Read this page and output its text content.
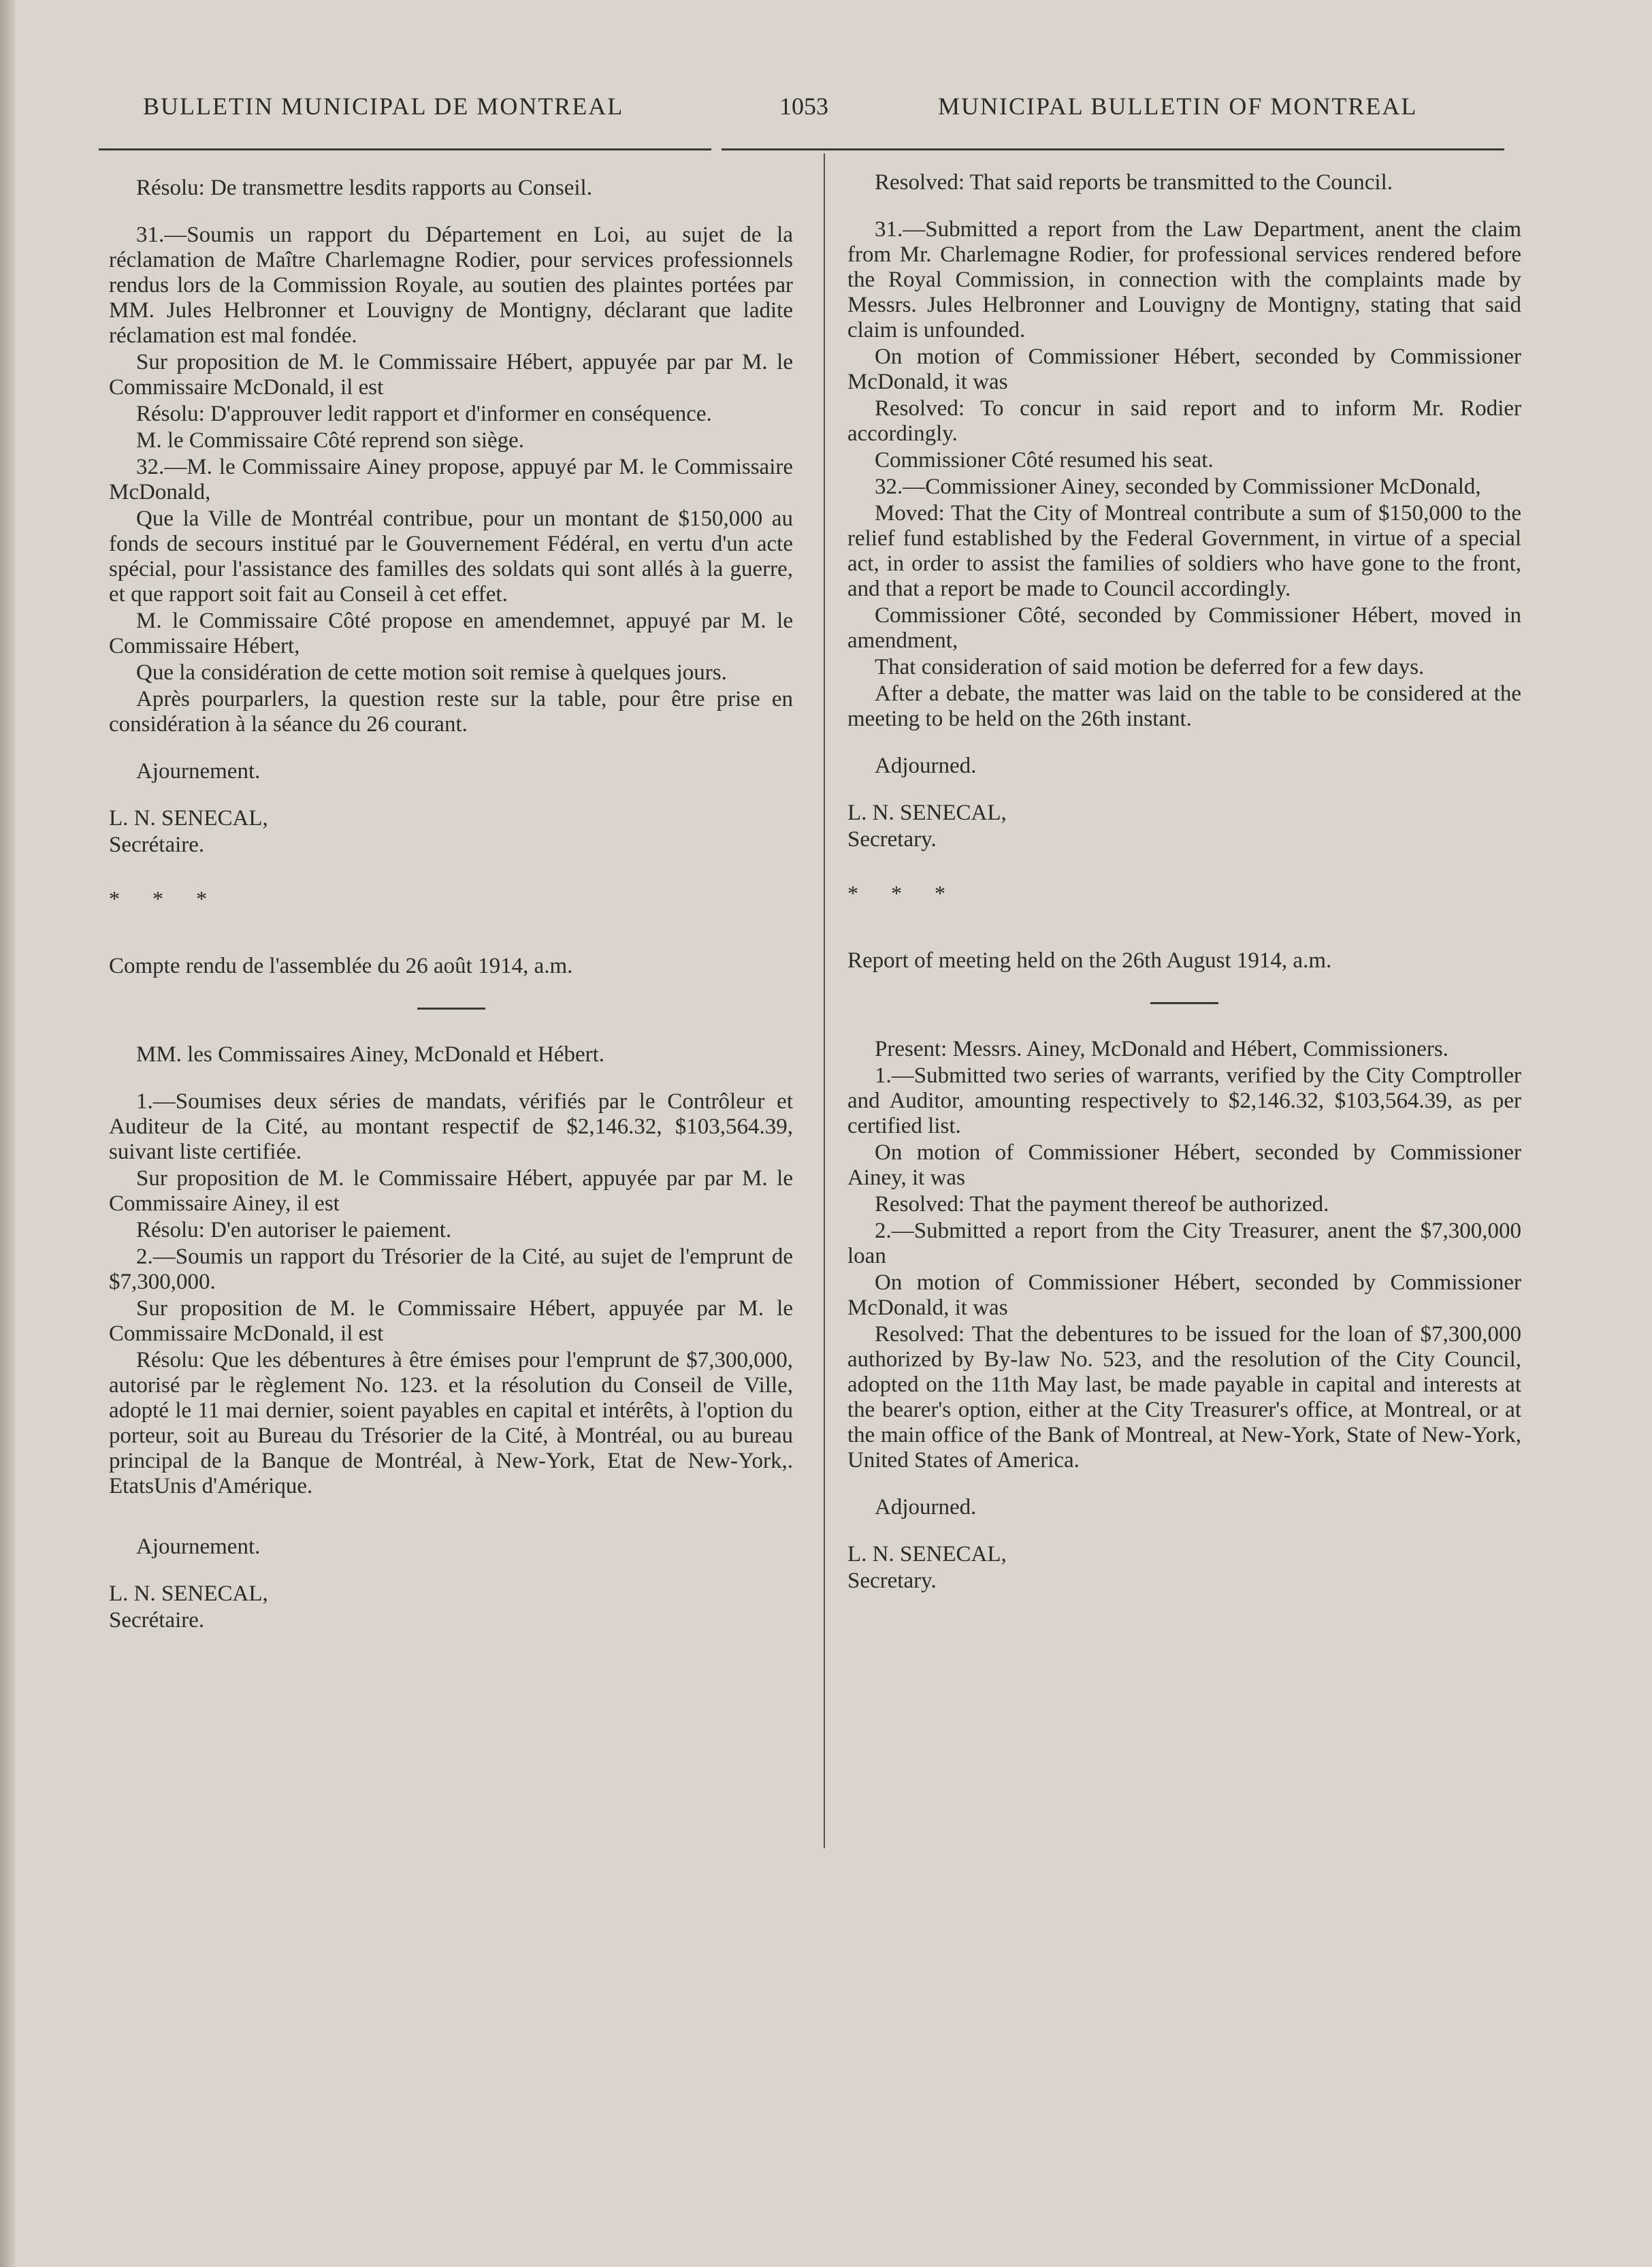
BULLETIN MUNICIPAL DE MONTREAL	1053	MUNICIPAL BULLETIN OF MONTREAL

Résolu: De transmettre lesdits rapports au Conseil.

31.—Soumis un rapport du Département en Loi, au sujet de la réclamation de Maître Charlemagne Rodier, pour services professionnels rendus lors de la Commission Royale, au soutien des plaintes portées par MM. Jules Helbronner et Louvigny de Montigny, déclarant que ladite réclamation est mal fondée.

Sur proposition de M. le Commissaire Hébert, appuyée par par M. le Commissaire McDonald, il est

Résolu: D'approuver ledit rapport et d'informer en conséquence.

M. le Commissaire Côté reprend son siège.

32.—M. le Commissaire Ainey propose, appuyé par M. le Commissaire McDonald,

Que la Ville de Montréal contribue, pour un montant de $150,000 au fonds de secours institué par le Gouvernement Fédéral, en vertu d'un acte spécial, pour l'assistance des familles des soldats qui sont allés à la guerre, et que rapport soit fait au Conseil à cet effet.

M. le Commissaire Côté propose en amendemnet, appuyé par M. le Commissaire Hébert,

Que la considération de cette motion soit remise à quelques jours.

Après pourparlers, la question reste sur la table, pour être prise en considération à la séance du 26 courant.

Ajournement.

L. N. SENECAL,

Secrétaire.

* * *

Compte rendu de l'assemblée du 26 août 1914, a.m.

MM. les Commissaires Ainey, McDonald et Hébert.

1.—Soumises deux séries de mandats, vérifiés par le Contrôleur et Auditeur de la Cité, au montant respectif de $2,146.32, $103,564.39, suivant liste certifiée.

Sur proposition de M. le Commissaire Hébert, appuyée par par M. le Commissaire Ainey, il est

Résolu: D'en autoriser le paiement.

2.—Soumis un rapport du Trésorier de la Cité, au sujet de l'emprunt de $7,300,000.

Sur proposition de M. le Commissaire Hébert, appuyée par M. le Commissaire McDonald, il est

Résolu: Que les débentures à être émises pour l'emprunt de $7,300,000, autorisé par le règlement No. 123. et la résolution du Conseil de Ville, adopté le 11 mai dernier, soient payables en capital et intérêts, à l'option du porteur, soit au Bureau du Trésorier de la Cité, à Montréal, ou au bureau principal de la Banque de Montréal, à New-York, Etat de New-York,. EtatsUnis d'Amérique.

Ajournement.

L. N. SENECAL,

Secrétaire.

Resolved: That said reports be transmitted to the Council.

31.—Submitted a report from the Law Department, anent the claim from Mr. Charlemagne Rodier, for professional services rendered before the Royal Commission, in connection with the complaints made by Messrs. Jules Helbronner and Louvigny de Montigny, stating that said claim is unfounded.

On motion of Commissioner Hébert, seconded by Commissioner McDonald, it was

Resolved: To concur in said report and to inform Mr. Rodier accordingly.

Commissioner Côté resumed his seat.

32.—Commissioner Ainey, seconded by Commissioner McDonald,

Moved: That the City of Montreal contribute a sum of $150,000 to the relief fund established by the Federal Government, in virtue of a special act, in order to assist the families of soldiers who have gone to the front, and that a report be made to Council accordingly.

Commissioner Côté, seconded by Commissioner Hébert, moved in amendment,

That consideration of said motion be deferred for a few days.

After a debate, the matter was laid on the table to be considered at the meeting to be held on the 26th instant.

Adjourned.

L. N. SENECAL,

Secretary.

* * *

Report of meeting held on the 26th August 1914, a.m.

Present: Messrs. Ainey, McDonald and Hébert, Commissioners.

1.—Submitted two series of warrants, verified by the City Comptroller and Auditor, amounting respectively to $2,146.32, $103,564.39, as per certified list.

On motion of Commissioner Hébert, seconded by Commissioner Ainey, it was

Resolved: That the payment thereof be authorized.

2.—Submitted a report from the City Treasurer, anent the $7,300,000 loan

On motion of Commissioner Hébert, seconded by Commissioner McDonald, it was

Resolved: That the debentures to be issued for the loan of $7,300,000 authorized by By-law No. 523, and the resolution of the City Council, adopted on the 11th May last, be made payable in capital and interests at the bearer's option, either at the City Treasurer's office, at Montreal, or at the main office of the Bank of Montreal, at New-York, State of New-York, United States of America.

Adjourned.

L. N. SENECAL,

Secretary.
